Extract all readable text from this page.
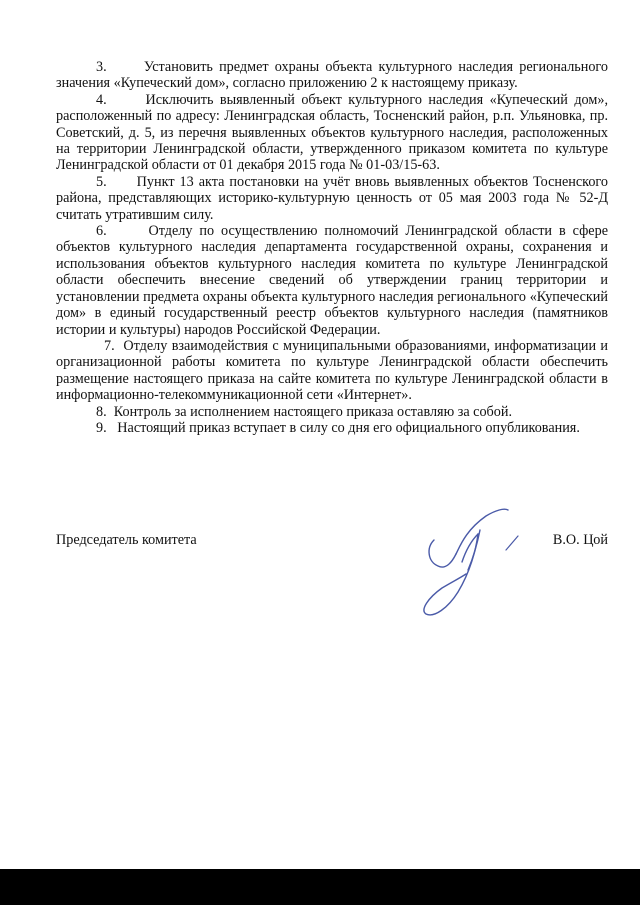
3.      Установить предмет охраны объекта культурного наследия регионального значения «Купеческий дом», согласно приложению 2 к настоящему приказу.

4.      Исключить выявленный объект культурного наследия «Купеческий дом», расположенный по адресу: Ленинградская область, Тосненский район, р.п. Ульяновка, пр. Советский, д. 5, из перечня выявленных объектов культурного наследия, расположенных на территории Ленинградской области, утвержденного приказом комитета по культуре Ленинградской области от 01 декабря 2015 года № 01-03/15-63.

5.      Пункт 13 акта постановки на учёт вновь выявленных объектов Тосненского района, представляющих историко-культурную ценность от 05 мая 2003 года № 52-Д считать утратившим силу.

6.      Отделу по осуществлению полномочий Ленинградской области в сфере объектов культурного наследия департамента государственной охраны, сохранения и использования объектов культурного наследия комитета по культуре Ленинградской области обеспечить внесение сведений об утверждении границ территории и установлении предмета охраны объекта культурного наследия регионального «Купеческий дом» в единый государственный реестр объектов культурного наследия (памятников истории и культуры) народов Российской Федерации.

7.  Отделу взаимодействия с муниципальными образованиями, информатизации и организационной работы комитета по культуре Ленинградской области обеспечить размещение настоящего приказа на сайте комитета по культуре Ленинградской области в информационно-телекоммуникационной сети «Интернет».

8.  Контроль за исполнением настоящего приказа оставляю за собой.

9.   Настоящий приказ вступает в силу со дня его официального опубликования.

Председатель комитета	В.О. Цой
